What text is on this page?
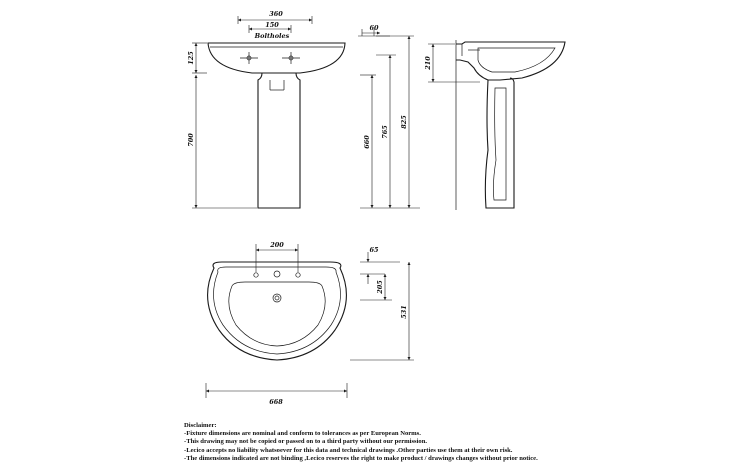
360
150
Boltholes
125
700
60
660
765
825
210
200
65
205
531
668
Disclaimer:
-Fixture dimensions are nominal and conform to tolerances as per European Norms.
-This drawing may not be copied or passed on to a third party without our permission.
-Lecico accepts no liability whatsoever for this data and technical drawings .Other parties use them at their own risk.
-The dimensions indicated are not binding ,Lecico reserves the right to make product / drawings changes without prior notice.
